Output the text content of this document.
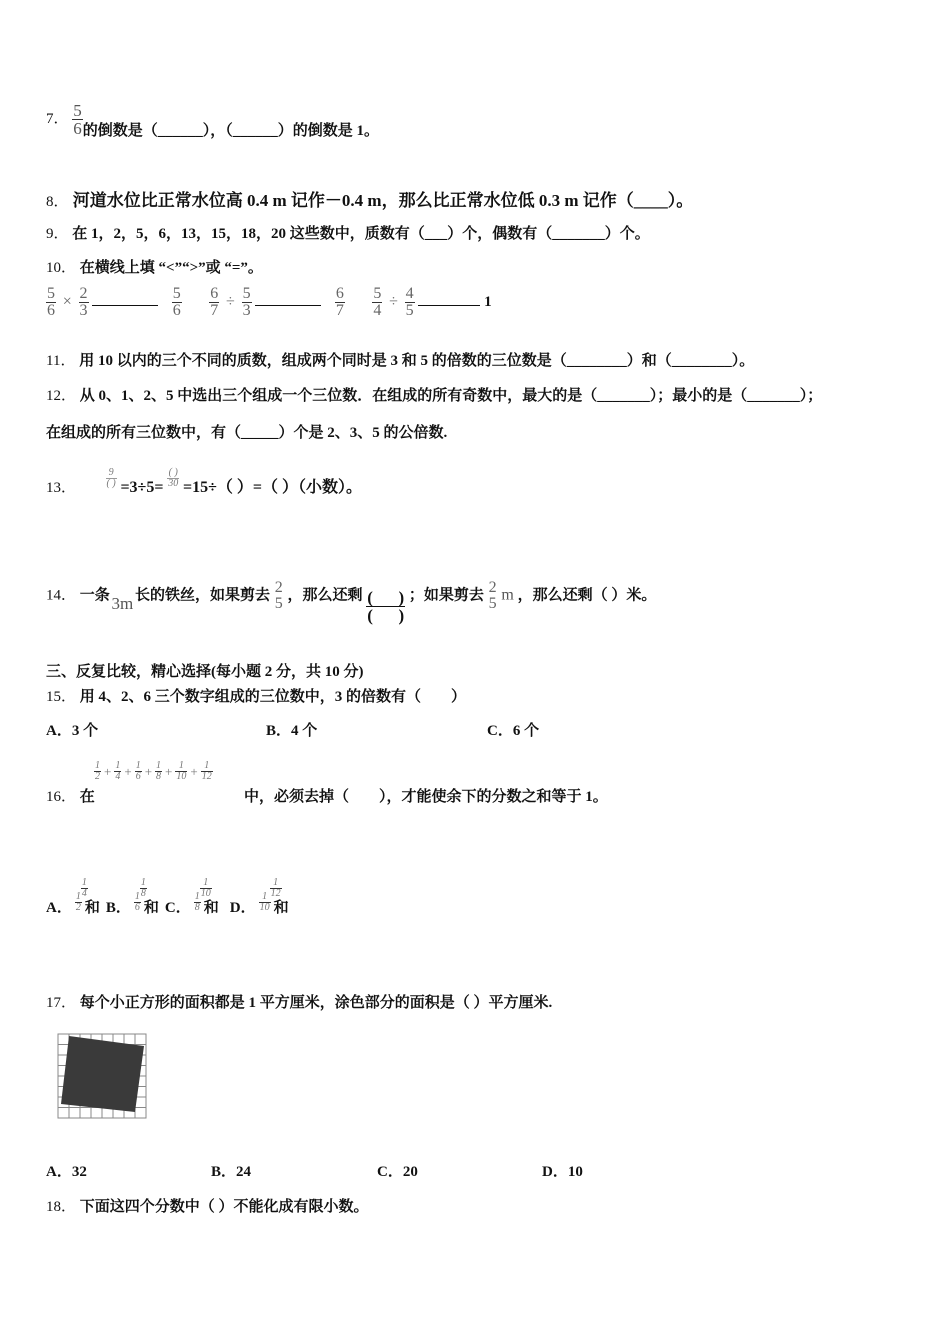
7． $\frac{5}{6}$ 的倒数是（______），（______）的倒数是 1。
8． 河道水位比正常水位高 0.4 m 记作－0.4 m，那么比正常水位低 0.3 m 记作（____）。
9． 在 1，2，5，6，13，15，18，20 这些数中，质数有（___）个，偶数有（_______）个。
10． 在横线上填 “<”“>”或 “=”。
$\frac{5}{6} \times \frac{2}{3}$
	$\frac{5}{6}$
$\frac{6}{7} \div \frac{5}{3}$
	$\frac{6}{7}$
$\frac{5}{4} \div \frac{4}{5}$	1
11． 用 10 以内的三个不同的质数，组成两个同时是 3 和 5 的倍数的三位数是（________）和（________）。
12． 从 0、1、2、5 中选出三个组成一个三位数．在组成的所有奇数中，最大的是（_______）；最小的是（_______）；
在组成的所有三位数中，有（_____）个是 2、3、5 的公倍数.
13．	$\frac{9}{( )} =3\div 5= \frac{( )}{30} =15\div$（ ）=（ ）（小数）。
14． 一条 3m 长的铁丝，如果剪去 2
5 ，那么还剩 $\frac{( )}{( )}$ ；如果剪去 2
5
m ，那么还剩（ ）米。
三、反复比较，精心选择(每小题 2 分，共 10 分)
15． 用 4、2、6 三个数字组成的三位数中，3 的倍数有（　　）
A．3 个	B．4 个	C．6 个
16． 在
$\frac{1}{2} + \frac{1}{4} + \frac{1}{6} + \frac{1}{8} + \frac{1}{10} + \frac{1}{12}$
中，必须去掉（　　），才能使余下的分数之和等于 1。
A． $\frac{1}{2}$ 和
$\frac{1}{4}$
B． $\frac{1}{6}$ 和
$\frac{1}{8}$
C． $\frac{1}{8}$ 和
$\frac{1}{10}$
D． $\frac{1}{10}$ 和
$\frac{1}{12}$
17． 每个小正方形的面积都是 1 平方厘米，涂色部分的面积是（ ）平方厘米.
A．32	B．24	C．20	D．10
18． 下面这四个分数中（ ）不能化成有限小数。
